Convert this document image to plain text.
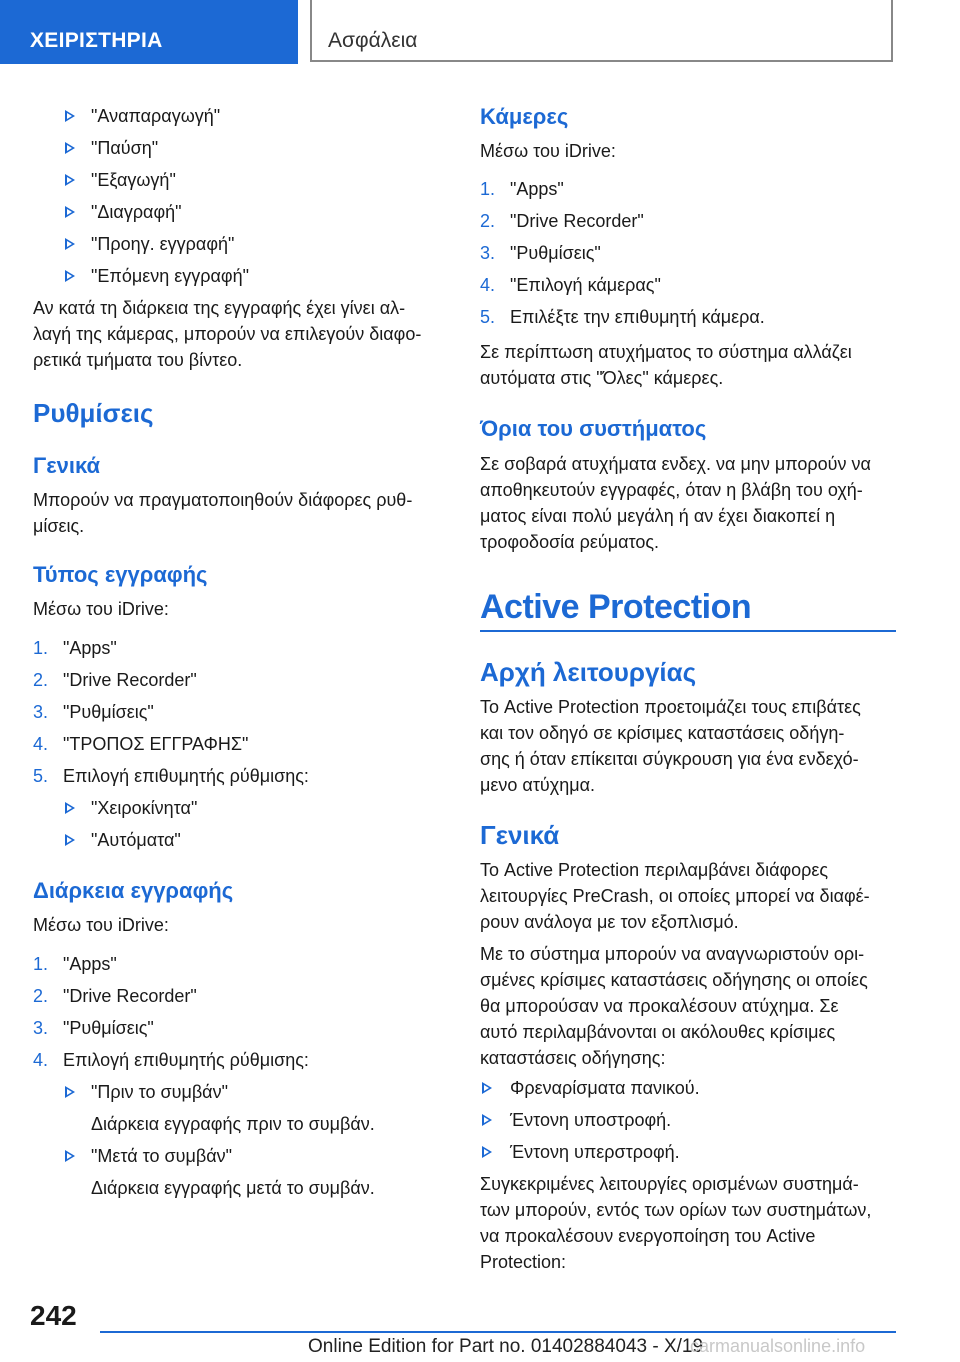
ΧΕΙΡΙΣΤΗΡΙΑ	Ασφάλεια
"Αναπαραγωγή"
"Παύση"
"Εξαγωγή"
"Διαγραφή"
"Προηγ. εγγραφή"
"Επόμενη εγγραφή"
Αν κατά τη διάρκεια της εγγραφής έχει γίνει αλ-
λαγή της κάμερας, μπορούν να επιλεγούν διαφο-
ρετικά τμήματα του βίντεο.
Ρυθμίσεις
Γενικά
Μπορούν να πραγματοποιηθούν διάφορες ρυθ-
μίσεις.
Τύπος εγγραφής
Μέσω του iDrive:
1. "Apps"
2. "Drive Recorder"
3. "Ρυθμίσεις"
4. "ΤΡΟΠΟΣ ΕΓΓΡΑΦΗΣ"
5. Επιλογή επιθυμητής ρύθμισης:
"Χειροκίνητα"
"Αυτόματα"
Διάρκεια εγγραφής
Μέσω του iDrive:
1. "Apps"
2. "Drive Recorder"
3. "Ρυθμίσεις"
4. Επιλογή επιθυμητής ρύθμισης:
"Πριν το συμβάν"
Διάρκεια εγγραφής πριν το συμβάν.
"Μετά το συμβάν"
Διάρκεια εγγραφής μετά το συμβάν.
Κάμερες
Μέσω του iDrive:
1. "Apps"
2. "Drive Recorder"
3. "Ρυθμίσεις"
4. "Επιλογή κάμερας"
5. Επιλέξτε την επιθυμητή κάμερα.
Σε περίπτωση ατυχήματος το σύστημα αλλάζει
αυτόματα στις "Όλες" κάμερες.
Όρια του συστήματος
Σε σοβαρά ατυχήματα ενδεχ. να μην μπορούν να
αποθηκευτούν εγγραφές, όταν η βλάβη του οχή-
ματος είναι πολύ μεγάλη ή αν έχει διακοπεί η
τροφοδοσία ρεύματος.
Active Protection
Αρχή λειτουργίας
Το Active Protection προετοιμάζει τους επιβάτες
και τον οδηγό σε κρίσιμες καταστάσεις οδήγη-
σης ή όταν επίκειται σύγκρουση για ένα ενδεχό-
μενο ατύχημα.
Γενικά
Το Active Protection περιλαμβάνει διάφορες
λειτουργίες PreCrash, οι οποίες μπορεί να διαφέ-
ρουν ανάλογα με τον εξοπλισμό.
Με το σύστημα μπορούν να αναγνωριστούν ορι-
σμένες κρίσιμες καταστάσεις οδήγησης οι οποίες
θα μπορούσαν να προκαλέσουν ατύχημα. Σε
αυτό περιλαμβάνονται οι ακόλουθες κρίσιμες
καταστάσεις οδήγησης:
Φρεναρίσματα πανικού.
Έντονη υποστροφή.
Έντονη υπερστροφή.
Συγκεκριμένες λειτουργίες ορισμένων συστημά-
των μπορούν, εντός των ορίων των συστημάτων,
να προκαλέσουν ενεργοποίηση του Active
Protection:
242
Online Edition for Part no. 01402884043 - X/19
carmanualsonline.info
